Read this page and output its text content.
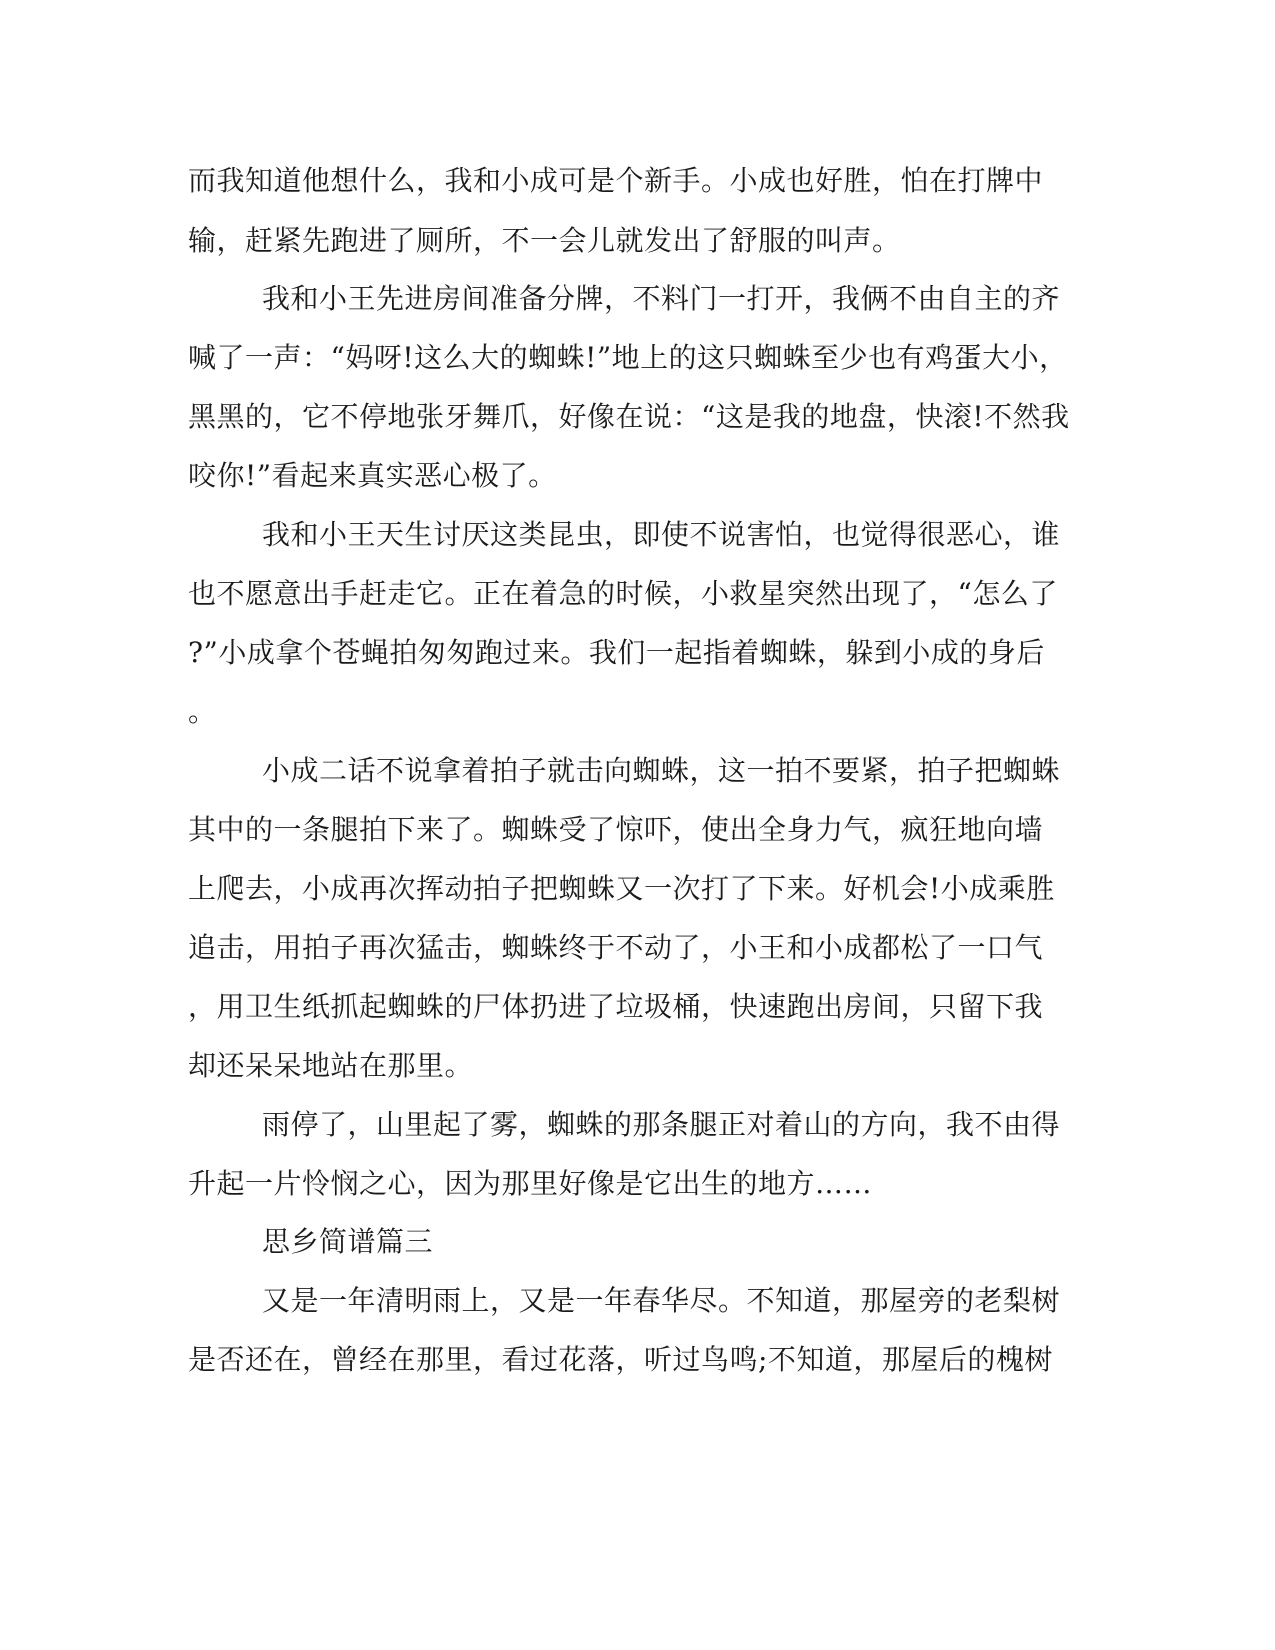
而我知道他想什么，我和小成可是个新手。小成也好胜，怕在打牌中
输，赶紧先跑进了厕所，不一会儿就发出了舒服的叫声。
我和小王先进房间准备分牌，不料门一打开，我俩不由自主的齐
喊了一声：“妈呀!这么大的蜘蛛!”地上的这只蜘蛛至少也有鸡蛋大小，
黑黑的，它不停地张牙舞爪，好像在说：“这是我的地盘，快滚!不然我
咬你!”看起来真实恶心极了。
我和小王天生讨厌这类昆虫，即使不说害怕，也觉得很恶心，谁
也不愿意出手赶走它。正在着急的时候，小救星突然出现了，“怎么了
?”小成拿个苍蝇拍匆匆跑过来。我们一起指着蜘蛛，躲到小成的身后
。
小成二话不说拿着拍子就击向蜘蛛，这一拍不要紧，拍子把蜘蛛
其中的一条腿拍下来了。蜘蛛受了惊吓，使出全身力气，疯狂地向墙
上爬去，小成再次挥动拍子把蜘蛛又一次打了下来。好机会!小成乘胜
追击，用拍子再次猛击，蜘蛛终于不动了，小王和小成都松了一口气
，用卫生纸抓起蜘蛛的尸体扔进了垃圾桶，快速跑出房间，只留下我
却还呆呆地站在那里。
雨停了，山里起了雾，蜘蛛的那条腿正对着山的方向，我不由得
升起一片怜悯之心，因为那里好像是它出生的地方……
思乡简谱篇三
又是一年清明雨上，又是一年春华尽。不知道，那屋旁的老梨树
是否还在，曾经在那里，看过花落，听过鸟鸣;不知道，那屋后的槐树
